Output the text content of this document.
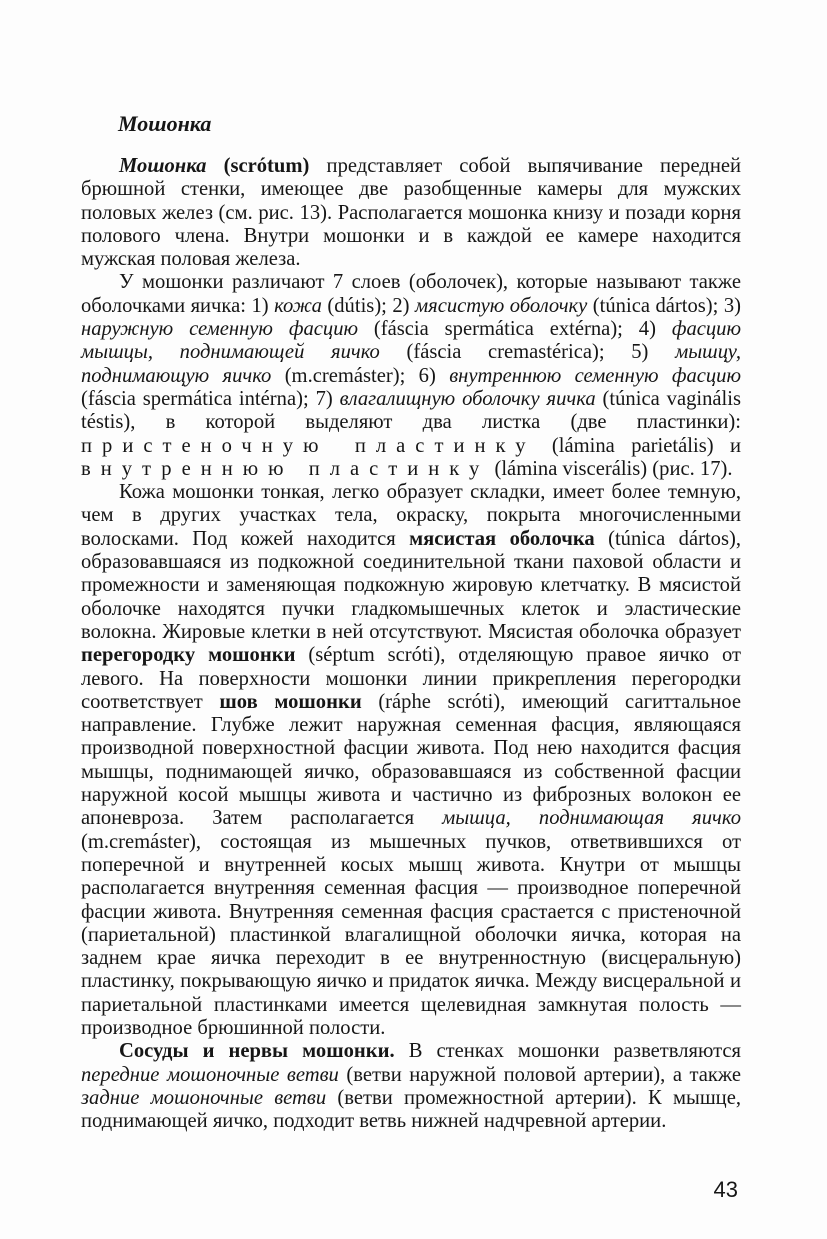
Мошонка

Мошонка (scrótum) представляет собой выпячивание передней брюшной стенки, имеющее две разобщенные камеры для мужских половых желез (см. рис. 13). Располагается мошонка книзу и позади корня полового члена. Внутри мошонки и в каждой ее камере находится мужская половая железа.

У мошонки различают 7 слоев (оболочек), которые называют также оболочками яичка: 1) кожа (dútis); 2) мясистую оболочку (túnica dártos); 3) наружную семенную фасцию (fáscia spermática extérna); 4) фасцию мышцы, поднимающей яичко (fáscia cremastérica); 5) мышцу, поднимающую яичко (m.cremáster); 6) внутреннюю семенную фасцию (fáscia spermática intérna); 7) влагалищную оболочку яичка (túnica vaginális téstis), в которой выделяют два листка (две пластинки): пристеночную пластинку (lámina parietális) и внутреннюю пластинку (lámina viscerális) (рис. 17).

Кожа мошонки тонкая, легко образует складки, имеет более темную, чем в других участках тела, окраску, покрыта многочисленными волосками. Под кожей находится мясистая оболочка (túnica dártos), образовавшаяся из подкожной соединительной ткани паховой области и промежности и заменяющая подкожную жировую клетчатку. В мясистой оболочке находятся пучки гладкомышечных клеток и эластические волокна. Жировые клетки в ней отсутствуют. Мясистая оболочка образует перегородку мошонки (séptum scróti), отделяющую правое яичко от левого. На поверхности мошонки линии прикрепления перегородки соответствует шов мошонки (ráphe scróti), имеющий сагиттальное направление. Глубже лежит наружная семенная фасция, являющаяся производной поверхностной фасции живота. Под нею находится фасция мышцы, поднимающей яичко, образовавшаяся из собственной фасции наружной косой мышцы живота и частично из фиброзных волокон ее апоневроза. Затем располагается мышца, поднимающая яичко (m.cremáster), состоящая из мышечных пучков, ответвившихся от поперечной и внутренней косых мышц живота. Кнутри от мышцы располагается внутренняя семенная фасция — производное поперечной фасции живота. Внутренняя семенная фасция срастается с пристеночной (париетальной) пластинкой влагалищной оболочки яичка, которая на заднем крае яичка переходит в ее внутренностную (висцеральную) пластинку, покрывающую яичко и придаток яичка. Между висцеральной и париетальной пластинками имеется щелевидная замкнутая полость — производное брюшинной полости.

Сосуды и нервы мошонки. В стенках мошонки разветвляются передние мошоночные ветви (ветви наружной половой артерии), а также задние мошоночные ветви (ветви промежностной артерии). К мышце, поднимающей яичко, подходит ветвь нижней надчревной артерии.

43
